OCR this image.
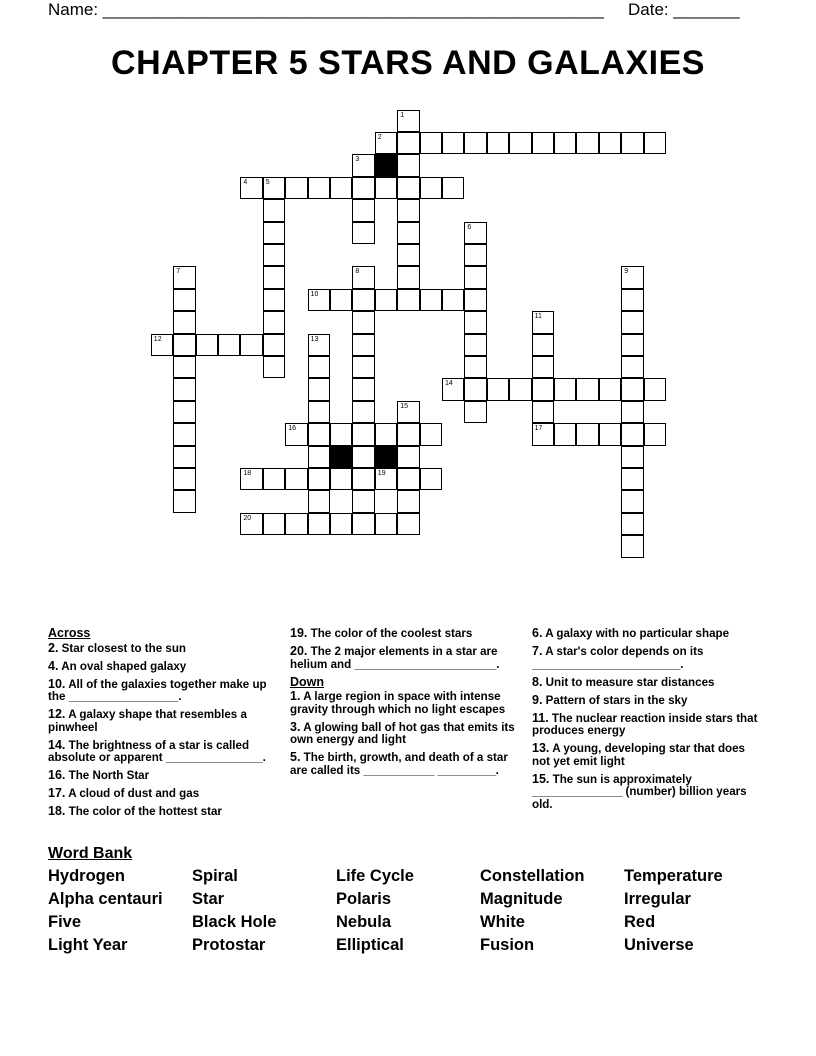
Name: _____________________________________________________ Date: _______
CHAPTER 5 STARS AND GALAXIES
1
2
3
4	5
6
7	8	9
10
11
17
12	13
14
15
16
18	19
20
Across
2. Star closest to the sun
4. An oval shaped galaxy
10. All of the galaxies together make up the _________________.
12. A galaxy shape that resembles a pinwheel
14. The brightness of a star is called absolute or apparent _______________.
16. The North Star
17. A cloud of dust and gas
18. The color of the hottest star
19. The color of the coolest stars
20. The 2 major elements in a star are helium and ______________________.
Down
1. A large region in space with intense gravity through which no light escapes
3. A glowing ball of hot gas that emits its own energy and light
5. The birth, growth, and death of a star are called its ___________ _________.
6. A galaxy with no particular shape
7. A star's color depends on its _______________________.
8. Unit to measure star distances
9. Pattern of stars in the sky
11. The nuclear reaction inside stars that produces energy
13. A young, developing star that does not yet emit light
15. The sun is approximately ______________ (number) billion years old.
Word Bank
Hydrogen	Spiral	Life Cycle	Constellation	Temperature
Alpha centauri	Star	Polaris	Magnitude	Irregular
Five	Black Hole	Nebula	White	Red
Light Year	Protostar	Elliptical	Fusion	Universe
